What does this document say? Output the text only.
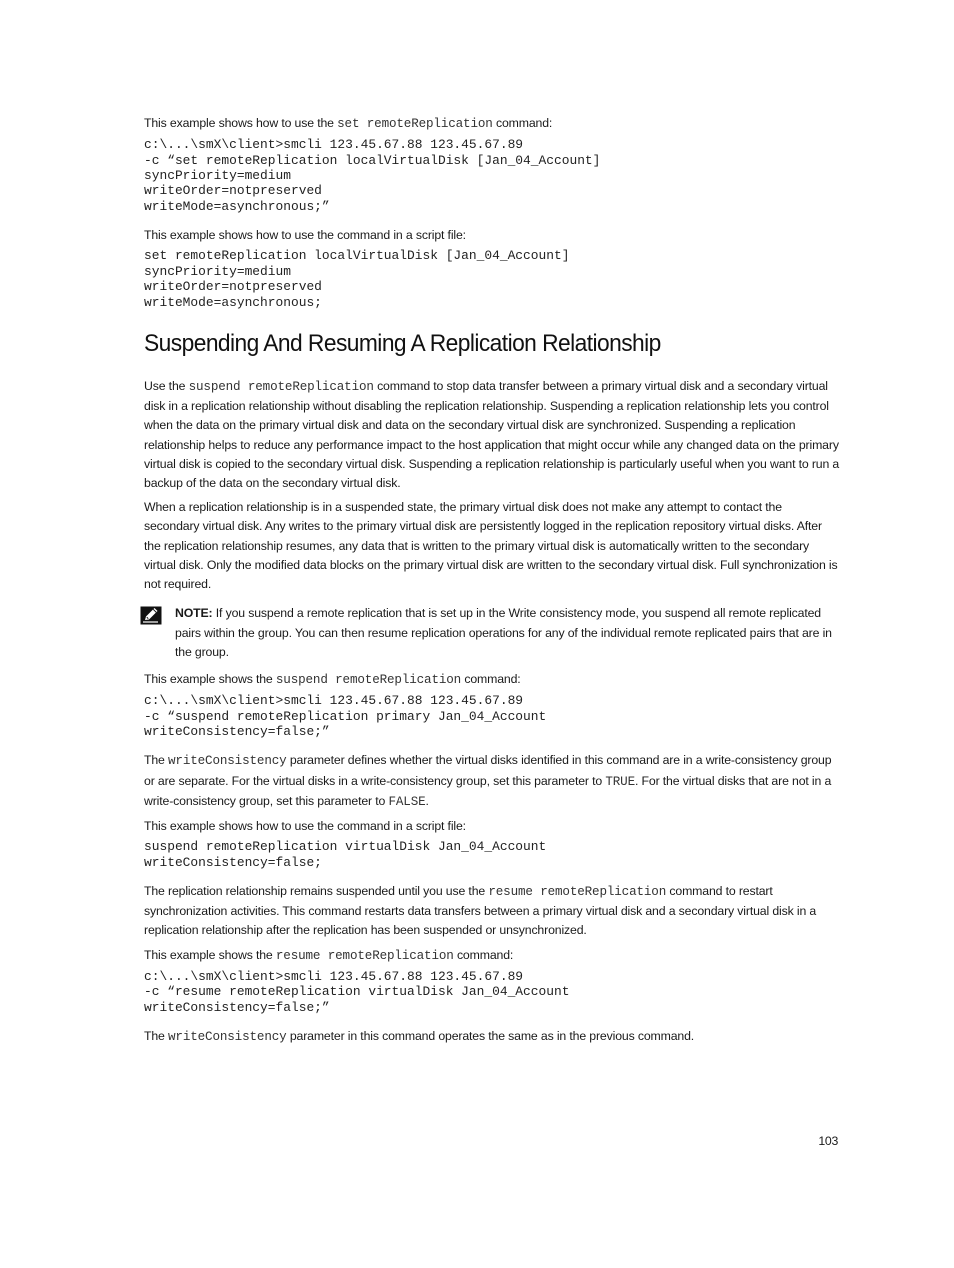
This example shows how to use the set remoteReplication command:

c:\...\smX\client>smcli 123.45.67.88 123.45.67.89
-c “set remoteReplication localVirtualDisk [Jan_04_Account]
syncPriority=medium
writeOrder=notpreserved
writeMode=asynchronous;”

This example shows how to use the command in a script file:

set remoteReplication localVirtualDisk [Jan_04_Account]
syncPriority=medium
writeOrder=notpreserved
writeMode=asynchronous;
Suspending And Resuming A Replication Relationship

Use the suspend remoteReplication command to stop data transfer between a primary virtual disk and a secondary virtual disk in a replication relationship without disabling the replication relationship. Suspending a replication relationship lets you control when the data on the primary virtual disk and data on the secondary virtual disk are synchronized. Suspending a replication relationship helps to reduce any performance impact to the host application that might occur while any changed data on the primary virtual disk is copied to the secondary virtual disk. Suspending a replication relationship is particularly useful when you want to run a backup of the data on the secondary virtual disk.

When a replication relationship is in a suspended state, the primary virtual disk does not make any attempt to contact the secondary virtual disk. Any writes to the primary virtual disk are persistently logged in the replication repository virtual disks. After the replication relationship resumes, any data that is written to the primary virtual disk is automatically written to the secondary virtual disk. Only the modified data blocks on the primary virtual disk are written to the secondary virtual disk. Full synchronization is not required.

NOTE: If you suspend a remote replication that is set up in the Write consistency mode, you suspend all remote replicated pairs within the group. You can then resume replication operations for any of the individual remote replicated pairs that are in the group.

This example shows the suspend remoteReplication command:

c:\...\smX\client>smcli 123.45.67.88 123.45.67.89
-c “suspend remoteReplication primary Jan_04_Account
writeConsistency=false;”

The writeConsistency parameter defines whether the virtual disks identified in this command are in a write-consistency group or are separate. For the virtual disks in a write-consistency group, set this parameter to TRUE. For the virtual disks that are not in a write-consistency group, set this parameter to FALSE.

This example shows how to use the command in a script file:

suspend remoteReplication virtualDisk Jan_04_Account
writeConsistency=false;

The replication relationship remains suspended until you use the resume remoteReplication command to restart synchronization activities. This command restarts data transfers between a primary virtual disk and a secondary virtual disk in a replication relationship after the replication has been suspended or unsynchronized.

This example shows the resume remoteReplication command:

c:\...\smX\client>smcli 123.45.67.88 123.45.67.89
-c “resume remoteReplication virtualDisk Jan_04_Account
writeConsistency=false;”

The writeConsistency parameter in this command operates the same as in the previous command.

103
